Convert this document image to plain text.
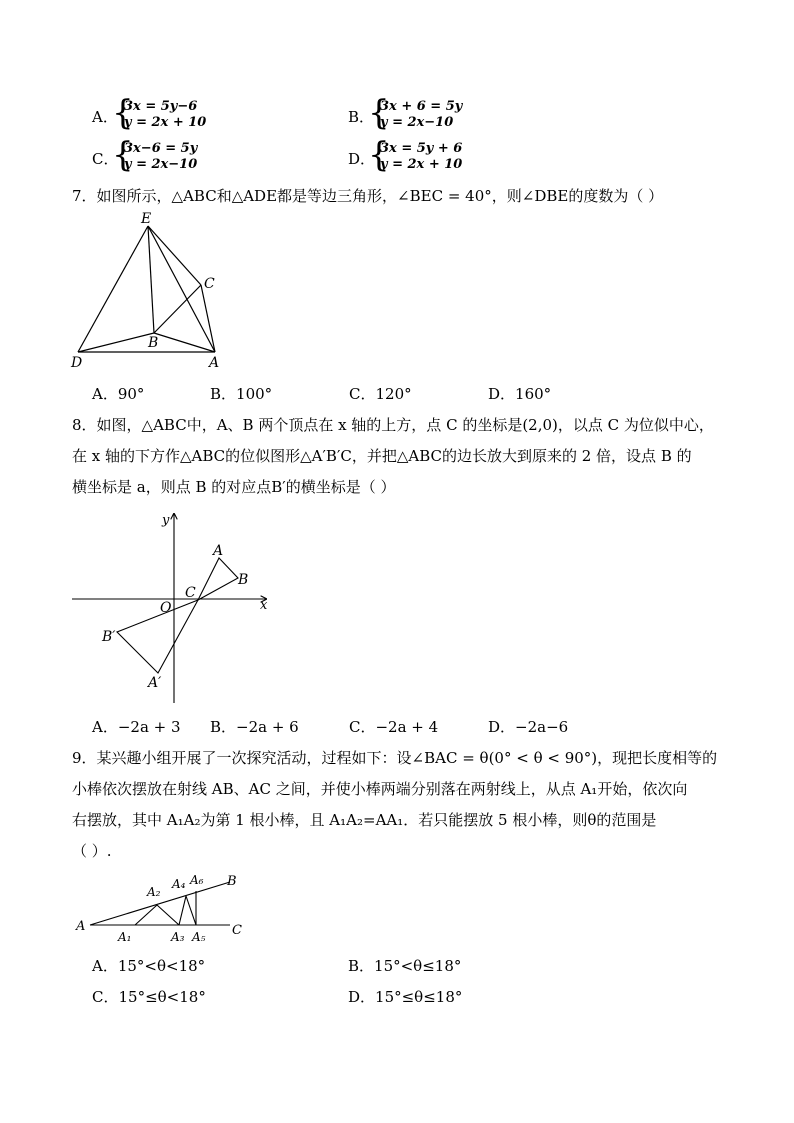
A．
{
3x = 5y−6
y = 2x + 10	B．
{
3x + 6 = 5y
y = 2x−10
C．
{
3x−6 = 5y
y = 2x−10	D．
{
3x = 5y + 6
y = 2x + 10
7．如图所示，△ABC和△ADE都是等边三角形，∠BEC = 40°，则∠DBE的度数为（ ）
E
C
B
D	A
A．90°	B．100°	C．120°	D．160°
8．如图，△ABC中，A、B 两个顶点在 x 轴的上方，点 C 的坐标是(2,0)，以点 C 为位似中心，
在 x 轴的下方作△ABC的位似图形△A′B′C，并把△ABC的边长放大到原来的 2 倍，设点 B 的
横坐标是 a，则点 B 的对应点B′的横坐标是（ ）
y
x
O
C
A
B
B′
A′
A．−2a + 3 B．−2a + 6	C．−2a + 4	D．−2a−6
9．某兴趣小组开展了一次探究活动，过程如下：设∠BAC = θ(0° < θ < 90°)，现把长度相等的
小棒依次摆放在射线 AB、AC 之间，并使小棒两端分别落在两射线上，从点 A₁开始，依次向
右摆放，其中 A₁A₂为第 1 根小棒，且 A₁A₂=AA₁．若只能摆放 5 根小棒，则θ的范围是
（ ）.
A
B
C
A₁
A₂
A₃
A₄
A₅
A₆
A．15°<θ<18°	B．15°<θ≤18°
C．15°≤θ<18°	D．15°≤θ≤18°
